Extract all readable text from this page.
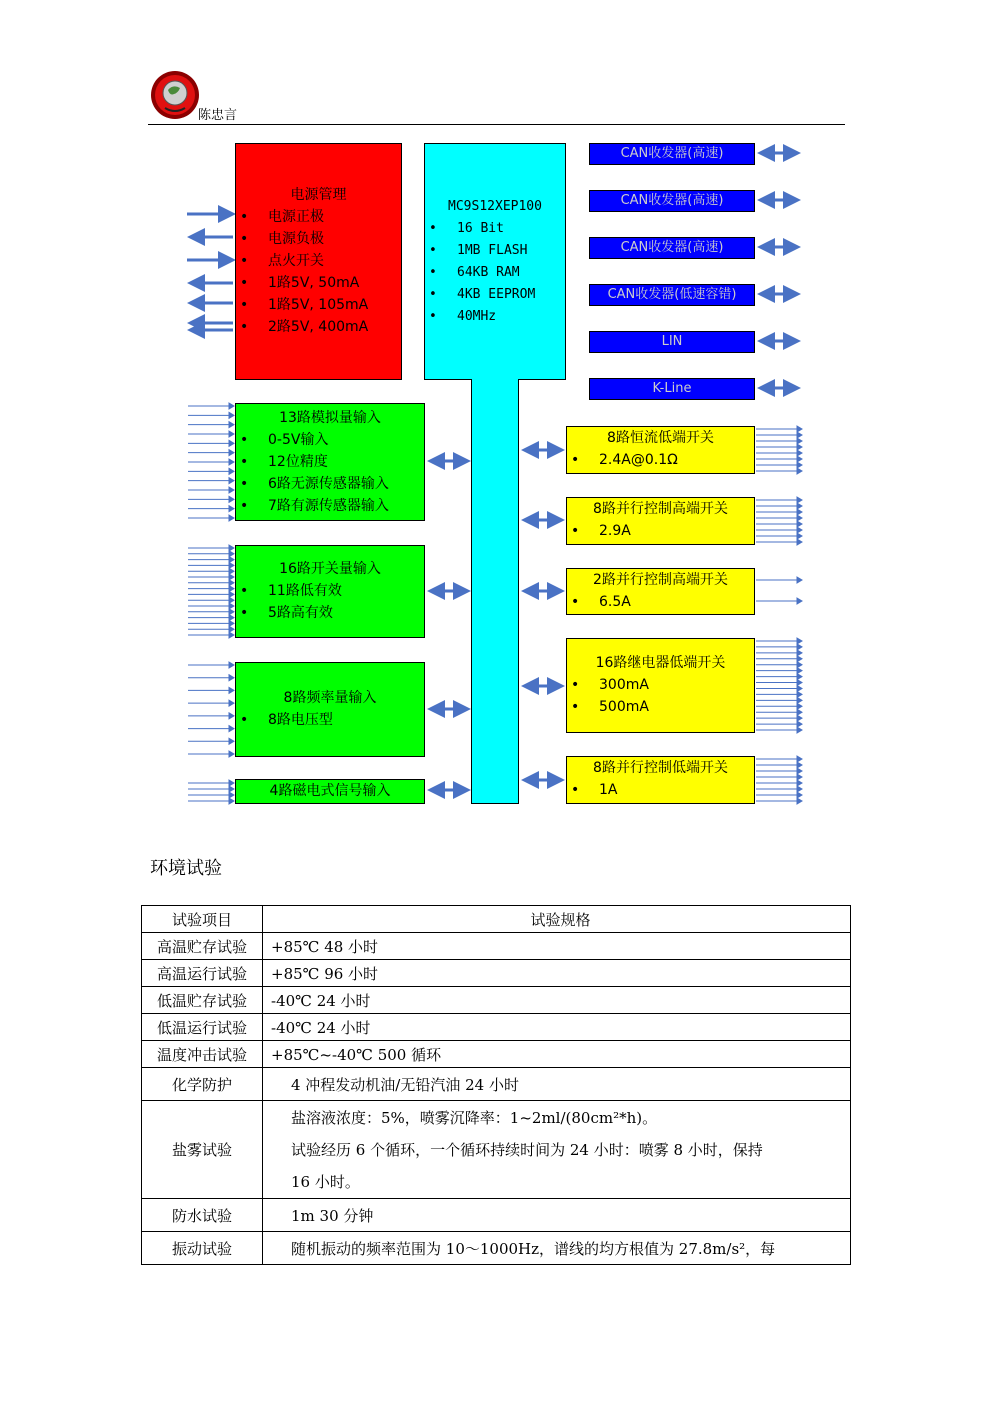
陈忠言
电源管理
• 电源正极
• 电源负极
• 点火开关
• 1路5V, 50mA
• 1路5V, 105mA
• 2路5V, 400mA
MC9S12XEP100
• 16 Bit
• 1MB FLASH
• 64KB RAM
• 4KB EEPROM
• 40MHz
CAN收发器(高速)
CAN收发器(高速)
CAN收发器(高速)
CAN收发器(低速容错)
LIN
K-Line
13路模拟量输入
• 0-5V输入
• 12位精度
• 6路无源传感器输入
• 7路有源传感器输入
16路开关量输入
• 11路低有效
• 5路高有效
8路频率量输入
• 8路电压型
4路磁电式信号输入
8路恒流低端开关
• 2.4A@0.1Ω
8路并行控制高端开关
• 2.9A
2路并行控制高端开关
• 6.5A
16路继电器低端开关
• 300mA
• 500mA
8路并行控制低端开关
• 1A
环境试验
试验项目	试验规格
高温贮存试验	+85℃ 48 小时
高温运行试验	+85℃ 96 小时
低温贮存试验	-40℃ 24 小时
低温运行试验	-40℃ 24 小时
温度冲击试验	+85℃~-40℃ 500 循环
化学防护	4 冲程发动机油/无铅汽油 24 小时
盐雾试验	盐溶液浓度：5%，喷雾沉降率：1~2ml/(80cm²*h)。
试验经历 6 个循环，一个循环持续时间为 24 小时：喷雾 8 小时，保持
16 小时。

防水试验	1m 30 分钟
振动试验	随机振动的频率范围为 10～1000Hz，谱线的均方根值为 27.8m/s²，每
